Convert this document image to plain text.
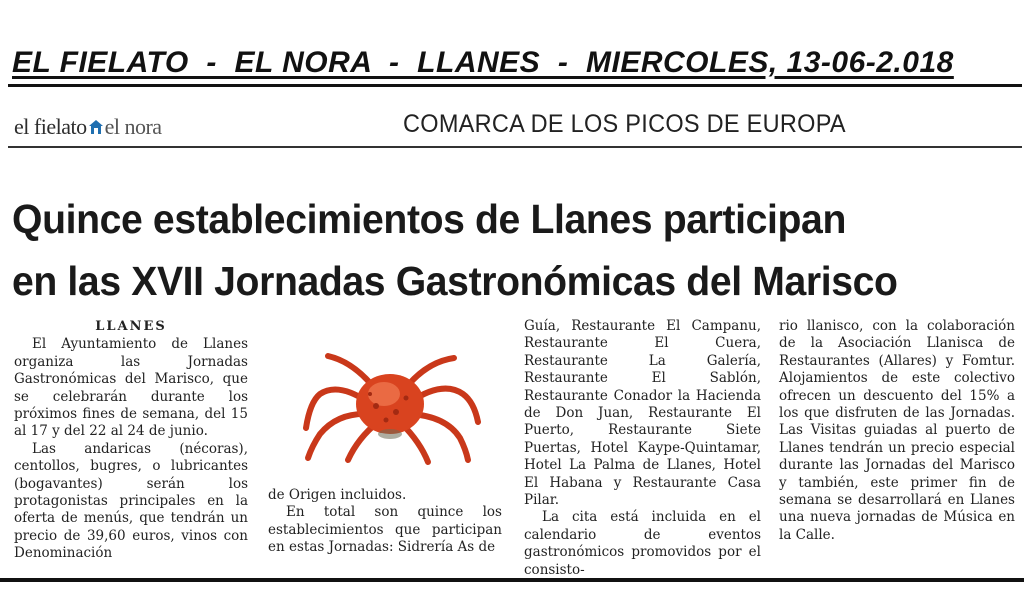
EL FIELATO  -  EL NORA  -  LLANES  -  MIERCOLES, 13-06-2.018
el fielato el nora	COMARCA DE LOS PICOS DE EUROPA
Quince establecimientos de Llanes participan
en las XVII Jornadas Gastronómicas del Marisco
LLANES

El Ayuntamiento de Llanes organiza las Jornadas Gastronómicas del Marisco, que se celebrarán durante los próximos fines de semana, del 15 al 17 y del 22 al 24 de junio.

Las andaricas (nécoras), centollos, bugres, o lubricantes (bogavantes) serán los protagonistas principales en la oferta de menús, que tendrán un precio de 39,60 euros, vinos con Denominación

de Origen incluidos.

En total son quince los establecimientos que participan en estas Jornadas: Sidrería As de

Guía, Restaurante El Campanu, Restaurante El Cuera, Restaurante La Galería, Restaurante El Sablón, Restaurante Conador la Hacienda de Don Juan, Restaurante El Puerto, Restaurante Siete Puertas, Hotel Kaype-Quintamar, Hotel La Palma de Llanes, Hotel El Habana y Restaurante Casa Pilar.

La cita está incluida en el calendario de eventos gastronómicos promovidos por el consisto-

rio llanisco, con la colaboración de la Asociación Llanisca de Restaurantes (Allares) y Fomtur. Alojamientos de este colectivo ofrecen un descuento del 15% a los que disfruten de las Jornadas. Las Visitas guiadas al puerto de Llanes tendrán un precio especial durante las Jornadas del Marisco y también, este primer fin de semana se desarrollará en Llanes una nueva jornadas de Música en la Calle.
